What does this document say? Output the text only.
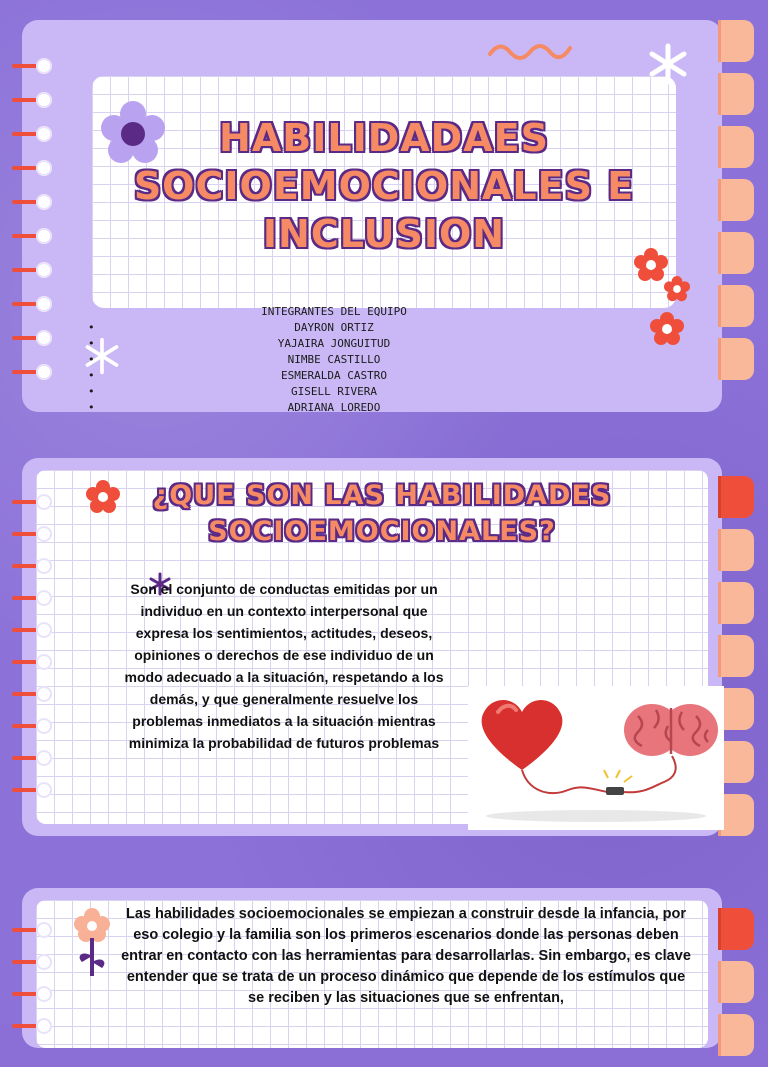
HABILIDADAES
SOCIOEMOCIONALES E
INCLUSION
INTEGRANTES DEL EQUIPO
• DAYRON ORTIZ
• YAJAIRA JONGUITUD
• NIMBE CASTILLO
• ESMERALDA CASTRO
• GISELL RIVERA
• ADRIANA LOREDO
¿QUE SON LAS HABILIDADES
SOCIOEMOCIONALES?
Son el conjunto de conductas emitidas por un individuo en un contexto interpersonal que expresa los sentimientos, actitudes, deseos, opiniones o derechos de ese individuo de un modo adecuado a la situación, respetando a los demás, y que generalmente resuelve los problemas inmediatos a la situación mientras minimiza la probabilidad de futuros problemas
Las habilidades socioemocionales se empiezan a construir desde la infancia, por eso colegio y la familia son los primeros escenarios donde las personas deben entrar en contacto con las herramientas para desarrollarlas. Sin embargo, es clave entender que se trata de un proceso dinámico que depende de los estímulos que se reciben y las situaciones que se enfrentan,
